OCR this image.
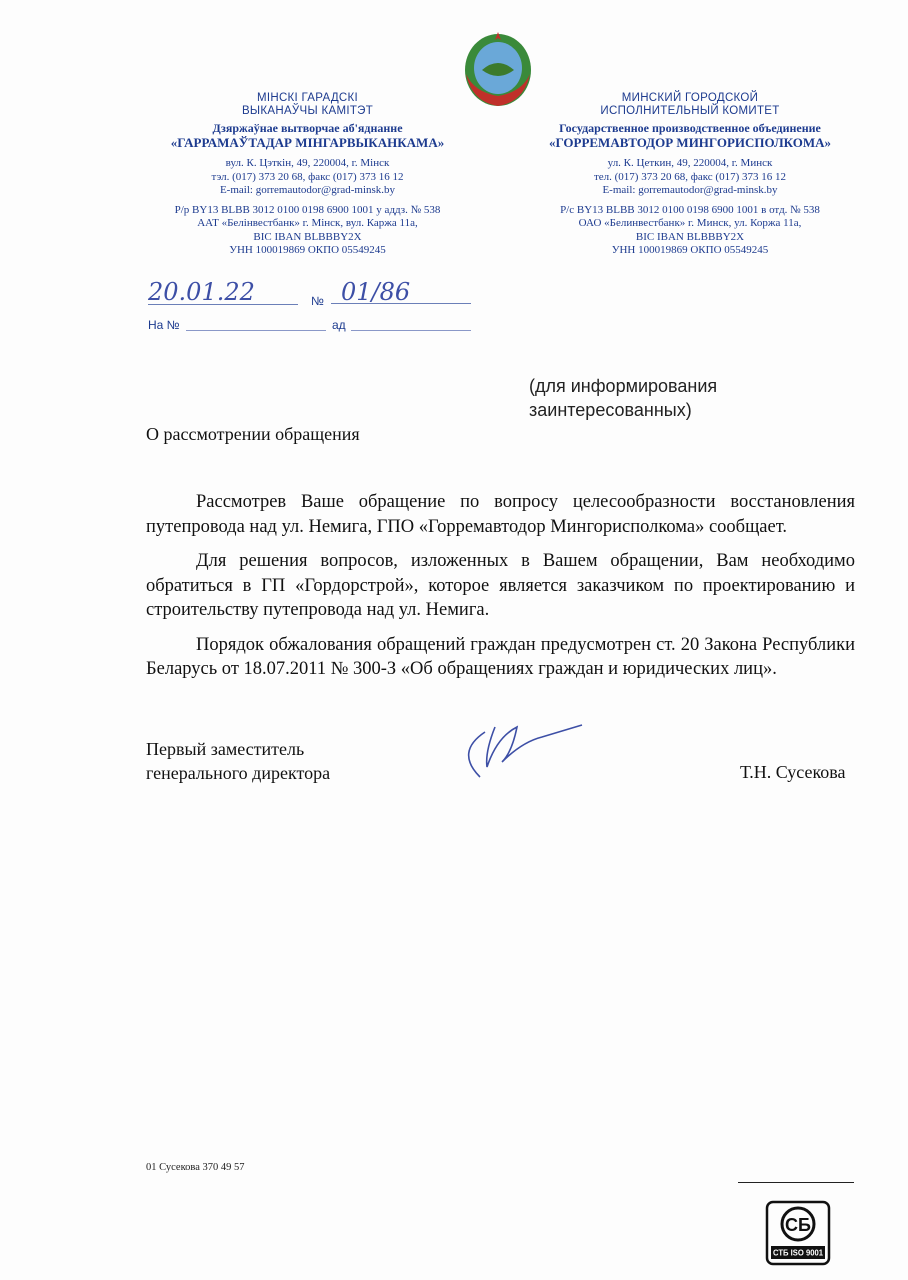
МІНСКІ ГАРАДСКІ
ВЫКАНАЎЧЫ КАМІТЭТ
Дзяржаўнае вытворчае аб'яднанне
«ГАРРАМАЎТАДАР МІНГАРВЫКАНКАМА»
вул. К. Цэткін, 49, 220004, г. Мінск
тэл. (017) 373 20 68, факс (017) 373 16 12
E-mail: gorremautodor@grad-minsk.by
Р/р BY13 BLBB 3012 0100 0198 6900 1001 у аддз. № 538
ААТ «Белінвестбанк» г. Мінск, вул. Каржа 11а,
BIC IBAN BLBBBY2X
УНН 100019869 ОКПО 05549245
МИНСКИЙ ГОРОДСКОЙ
ИСПОЛНИТЕЛЬНЫЙ КОМИТЕТ
Государственное производственное объединение
«ГОРРЕМАВТОДОР МИНГОРИСПОЛКОМА»
ул. К. Цеткин, 49, 220004, г. Минск
тел. (017) 373 20 68, факс (017) 373 16 12
E-mail: gorremautodor@grad-minsk.by
Р/с BY13 BLBB 3012 0100 0198 6900 1001 в отд. № 538
ОАО «Белинвестбанк» г. Минск, ул. Коржа 11а,
BIC IBAN BLBBBY2X
УНН 100019869 ОКПО 05549245
20.01.22	№ 01/86
На №	ад
(для информирования
заинтересованных)
О рассмотрении обращения

Рассмотрев Ваше обращение по вопросу целесообразности восстановления путепровода над ул. Немига, ГПО «Горремавтодор Мингорисполкома» сообщает.

Для решения вопросов, изложенных в Вашем обращении, Вам необходимо обратиться в ГП «Гордорстрой», которое является заказчиком по проектированию и строительству путепровода над ул. Немига.

Порядок обжалования обращений граждан предусмотрен ст. 20 Закона Республики Беларусь от 18.07.2011 № 300-З «Об обращениях граждан и юридических лиц».

Первый заместитель
генерального директора	Т.Н. Сусекова
01 Сусекова 370 49 57
СБ
СТБ ISO 9001
